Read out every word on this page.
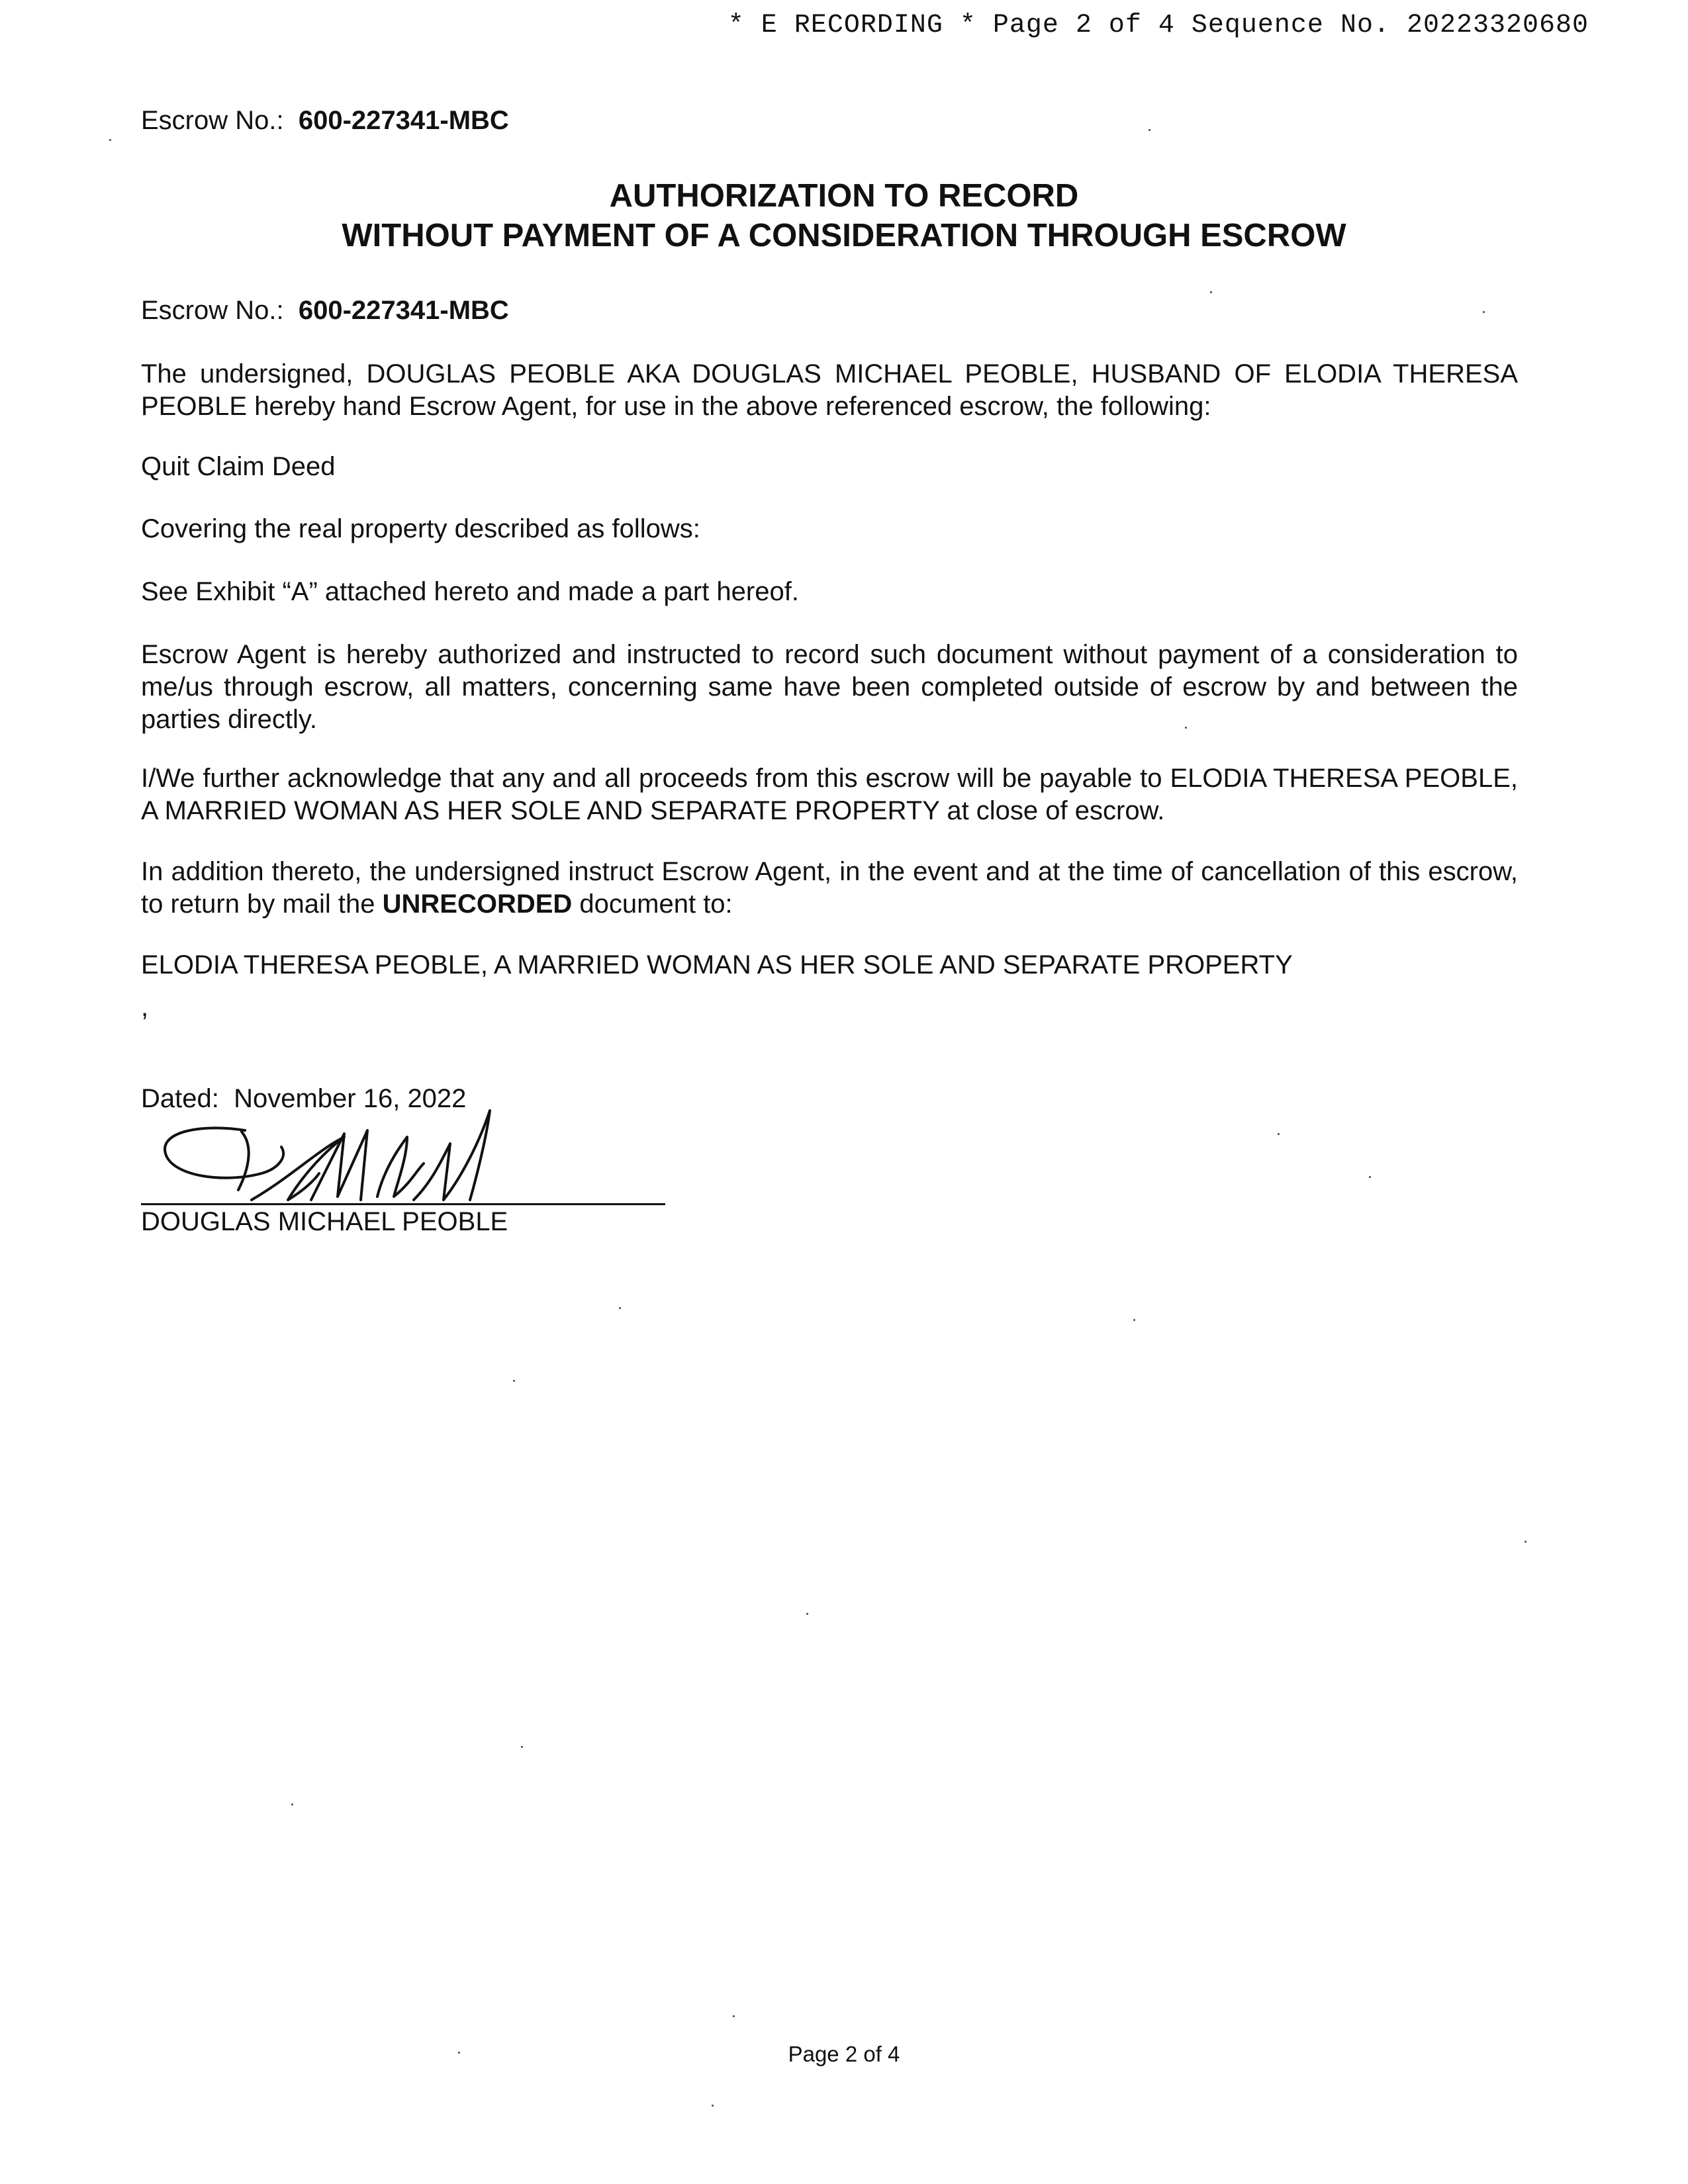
* E RECORDING * Page 2 of 4 Sequence No. 20223320680
Escrow No.: 600-227341-MBC
AUTHORIZATION TO RECORD
WITHOUT PAYMENT OF A CONSIDERATION THROUGH ESCROW
Escrow No.: 600-227341-MBC
The undersigned, DOUGLAS PEOBLE AKA DOUGLAS MICHAEL PEOBLE, HUSBAND OF ELODIA THERESA PEOBLE hereby hand Escrow Agent, for use in the above referenced escrow, the following:
Quit Claim Deed
Covering the real property described as follows:
See Exhibit “A” attached hereto and made a part hereof.
Escrow Agent is hereby authorized and instructed to record such document without payment of a consideration to me/us through escrow, all matters, concerning same have been completed outside of escrow by and between the parties directly.
I/We further acknowledge that any and all proceeds from this escrow will be payable to ELODIA THERESA PEOBLE, A MARRIED WOMAN AS HER SOLE AND SEPARATE PROPERTY at close of escrow.
In addition thereto, the undersigned instruct Escrow Agent, in the event and at the time of cancellation of this escrow, to return by mail the UNRECORDED document to:
ELODIA THERESA PEOBLE, A MARRIED WOMAN AS HER SOLE AND SEPARATE PROPERTY
,
Dated: November 16, 2022
DOUGLAS MICHAEL PEOBLE
Page 2 of 4
